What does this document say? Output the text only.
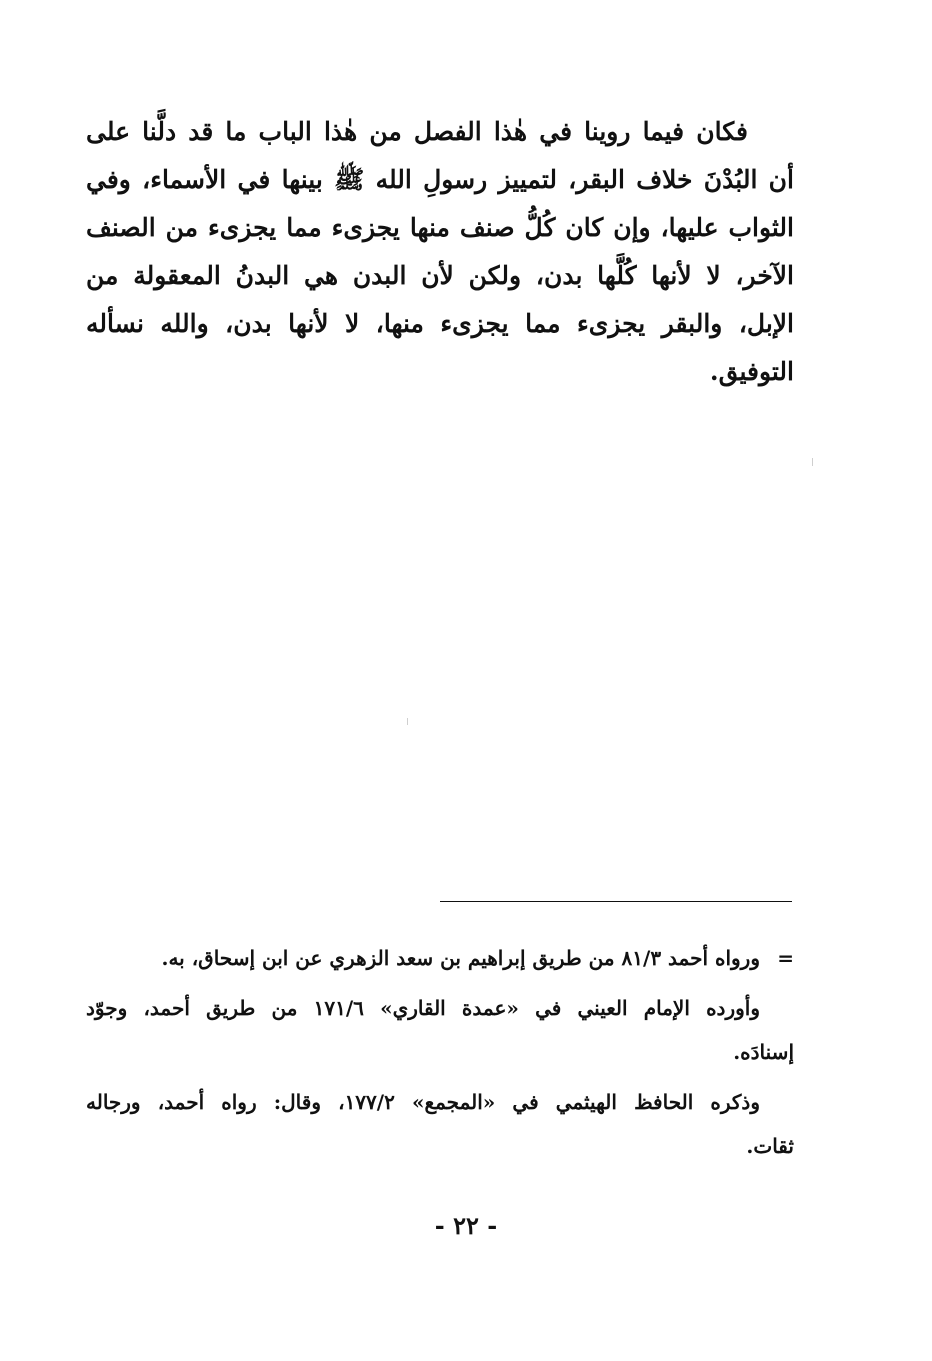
فكان فيما روينا في هٰذا الفصل من هٰذا الباب ما قد دلَّنا على
أن البُدْنَ خلاف البقر، لتمييز رسولِ الله ﷺ بينها في الأسماء، وفي
الثواب عليها، وإن كان كُلُّ صنف منها يجزىء مما يجزىء من الصنف
الآخر، لا لأنها كُلَّها بدن، ولكن لأن البدن هي البدنُ المعقولة من
الإبل، والبقر يجزىء مما يجزىء منها، لا لأنها بدن، والله نسأله
التوفيق.
=
ورواه أحمد ٨١/٣ من طريق إبراهيم بن سعد الزهري عن ابن إسحاق، به.
وأورده الإمام العيني في «عمدة القاري» ١٧١/٦ من طريق أحمد، وجوّد
إسنادَه.
وذكره الحافظ الهيثمي في «المجمع» ١٧٧/٢، وقال: رواه أحمد، ورجاله
ثقات.
- ٢٢ -
